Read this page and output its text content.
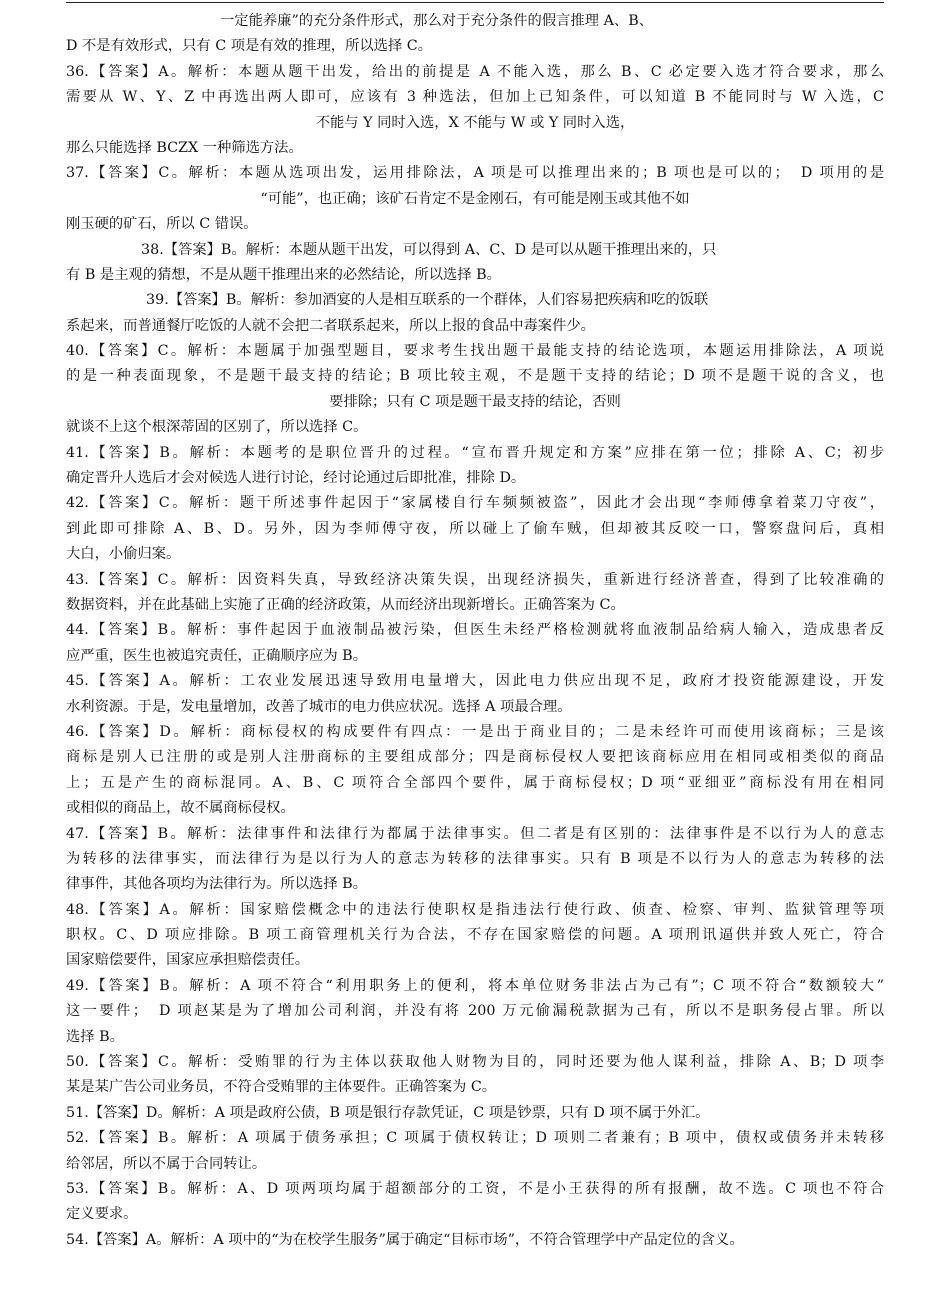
一定能养廉”的充分条件形式，那么对于充分条件的假言推理 A、B、
D 不是有效形式，只有 C 项是有效的推理，所以选择 C。
36.【答案】A。解析：本题从题干出发，给出的前提是 A 不能入选，那么 B、C 必定要入选才符合要求，那么
需要从 W、Y、Z 中再选出两人即可，应该有 3 种选法，但加上已知条件，可以知道 B 不能同时与 W 入选，C
不能与 Y 同时入选，X 不能与 W 或 Y 同时入选，
那么只能选择 BCZX 一种筛选方法。
37.【答案】C。解析：本题从选项出发，运用排除法，A 项是可以推理出来的；B 项也是可以的；　D 项用的是
“可能”，也正确；该矿石肯定不是金刚石，有可能是刚玉或其他不如
刚玉硬的矿石，所以 C 错误。
38.【答案】B。解析：本题从题干出发，可以得到 A、C、D 是可以从题干推理出来的，只
有 B 是主观的猜想，不是从题干推理出来的必然结论，所以选择 B。
39.【答案】B。解析：参加酒宴的人是相互联系的一个群体，人们容易把疾病和吃的饭联
系起来，而普通餐厅吃饭的人就不会把二者联系起来，所以上报的食品中毒案件少。
40.【答案】C。解析：本题属于加强型题目，要求考生找出题干最能支持的结论选项，本题运用排除法，A 项说
的是一种表面现象，不是题干最支持的结论；B 项比较主观，不是题干支持的结论；D 项不是题干说的含义，也
要排除；只有 C 项是题干最支持的结论，否则
就谈不上这个根深蒂固的区别了，所以选择 C。
41.【答案】B。解析：本题考的是职位晋升的过程。“宣布晋升规定和方案”应排在第一位；排除 A、C；初步
确定晋升人选后才会对候选人进行讨论，经讨论通过后即批准，排除 D。
42.【答案】C。解析：题干所述事件起因于“家属楼自行车频频被盗”，因此才会出现“李师傅拿着菜刀守夜”，
到此即可排除 A、B、D。另外，因为李师傅守夜，所以碰上了偷车贼，但却被其反咬一口，警察盘问后，真相
大白，小偷归案。
43.【答案】C。解析：因资料失真，导致经济决策失误，出现经济损失，重新进行经济普查，得到了比较准确的
数据资料，并在此基础上实施了正确的经济政策，从而经济出现新增长。正确答案为 C。
44.【答案】B。解析：事件起因于血液制品被污染，但医生未经严格检测就将血液制品给病人输入，造成患者反
应严重，医生也被追究责任，正确顺序应为 B。
45.【答案】A。解析：工农业发展迅速导致用电量增大，因此电力供应出现不足，政府才投资能源建设，开发
水利资源。于是，发电量增加，改善了城市的电力供应状况。选择 A 项最合理。
46.【答案】D。解析：商标侵权的构成要件有四点：一是出于商业目的；二是未经许可而使用该商标；三是该
商标是别人已注册的或是别人注册商标的主要组成部分；四是商标侵权人要把该商标应用在相同或相类似的商品
上；五是产生的商标混同。A、B、C 项符合全部四个要件，属于商标侵权；D 项“亚细亚”商标没有用在相同
或相似的商品上，故不属商标侵权。
47.【答案】B。解析：法律事件和法律行为都属于法律事实。但二者是有区别的：法律事件是不以行为人的意志
为转移的法律事实，而法律行为是以行为人的意志为转移的法律事实。只有 B 项是不以行为人的意志为转移的法
律事件，其他各项均为法律行为。所以选择 B。
48.【答案】A。解析：国家赔偿概念中的违法行使职权是指违法行使行政、侦查、检察、审判、监狱管理等项
职权。C、D 项应排除。B 项工商管理机关行为合法，不存在国家赔偿的问题。A 项刑讯逼供并致人死亡，符合
国家赔偿要件，国家应承担赔偿责任。
49.【答案】B。解析：A 项不符合“利用职务上的便利，将本单位财务非法占为己有”；C 项不符合“数额较大”
这一要件；　D 项赵某是为了增加公司利润，并没有将 200 万元偷漏税款据为己有，所以不是职务侵占罪。所以
选择 B。
50.【答案】C。解析：受贿罪的行为主体以获取他人财物为目的，同时还要为他人谋利益，排除 A、B；D 项李
某是某广告公司业务员，不符合受贿罪的主体要件。正确答案为 C。
51.【答案】D。解析：A 项是政府公债，B 项是银行存款凭证，C 项是钞票，只有 D 项不属于外汇。
52.【答案】B。解析：A 项属于债务承担；C 项属于债权转让；D 项则二者兼有；B 项中，债权或债务并未转移
给邻居，所以不属于合同转让。
53.【答案】B。解析：A、D 项两项均属于超额部分的工资，不是小王获得的所有报酬，故不选。C 项也不符合
定义要求。
54.【答案】A。解析：A 项中的“为在校学生服务”属于确定“目标市场”，不符合管理学中产品定位的含义。
